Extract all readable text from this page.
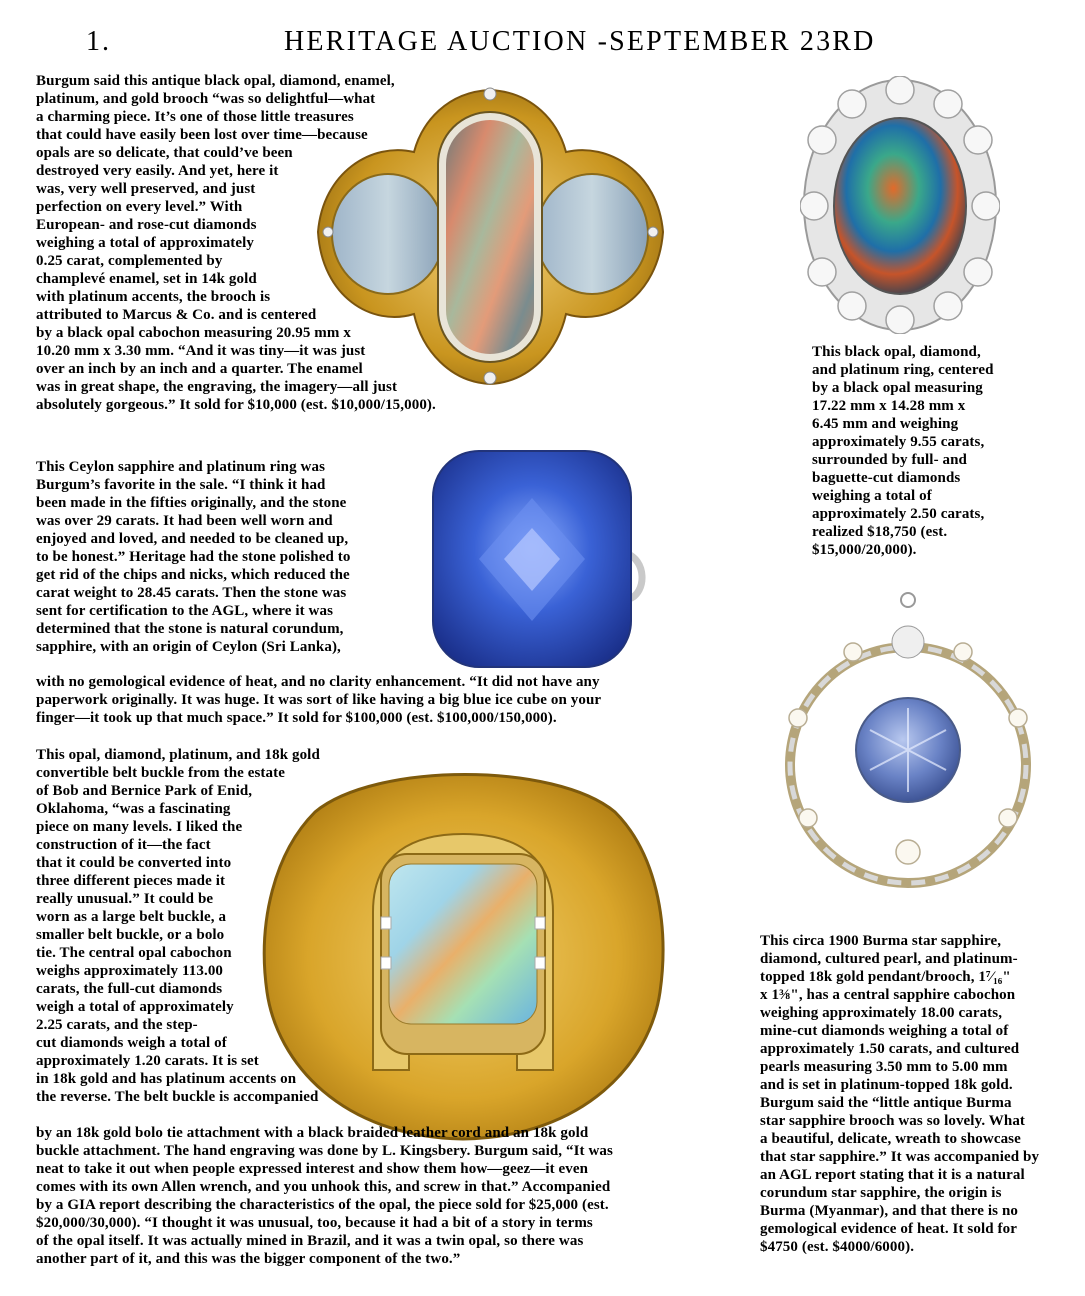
1.	HERITAGE AUCTION -SEPTEMBER 23RD
Burgum said this antique black opal, diamond, enamel,
platinum, and gold brooch “was so delightful—what
a charming piece. It’s one of those little treasures
that could have easily been lost over time—because
opals are so delicate, that could’ve been
destroyed very easily. And yet, here it
was, very well preserved, and just
perfection on every level.” With
European- and rose-cut diamonds
weighing a total of approximately
0.25 carat, complemented by
champlevé enamel, set in 14k gold
with platinum accents, the brooch is
attributed to Marcus & Co. and is centered
by a black opal cabochon measuring 20.95 mm x
10.20 mm x 3.30 mm. “And it was tiny—it was just
over an inch by an inch and a quarter. The enamel
was in great shape, the engraving, the imagery—all just
absolutely gorgeous.” It sold for $10,000 (est. $10,000/15,000).
This black opal, diamond,
and platinum ring, centered
by a black opal measuring
17.22 mm x 14.28 mm x
6.45 mm and weighing
approximately 9.55 carats,
surrounded by full- and
baguette-cut diamonds
weighing a total of
approximately 2.50 carats,
realized $18,750 (est.
$15,000/20,000).
This Ceylon sapphire and platinum ring was
Burgum’s favorite in the sale. “I think it had
been made in the fifties originally, and the stone
was over 29 carats. It had been well worn and
enjoyed and loved, and needed to be cleaned up,
to be honest.” Heritage had the stone polished to
get rid of the chips and nicks, which reduced the
carat weight to 28.45 carats. Then the stone was
sent for certification to the AGL, where it was
determined that the stone is natural corundum,
sapphire, with an origin of Ceylon (Sri Lanka),
with no gemological evidence of heat, and no clarity enhancement. “It did not have any
paperwork originally. It was huge. It was sort of like having a big blue ice cube on your
finger—it took up that much space.” It sold for $100,000 (est. $100,000/150,000).
This opal, diamond, platinum, and 18k gold
convertible belt buckle from the estate
of Bob and Bernice Park of Enid,
Oklahoma, “was a fascinating
piece on many levels. I liked the
construction of it—the fact
that it could be converted into
three different pieces made it
really unusual.” It could be
worn as a large belt buckle, a
smaller belt buckle, or a bolo
tie. The central opal cabochon
weighs approximately 113.00
carats, the full-cut diamonds
weigh a total of approximately
2.25 carats, and the step-
cut diamonds weigh a total of
approximately 1.20 carats. It is set
in 18k gold and has platinum accents on
the reverse. The belt buckle is accompanied
by an 18k gold bolo tie attachment with a black braided leather cord and an 18k gold
buckle attachment. The hand engraving was done by L. Kingsbery. Burgum said, “It was
neat to take it out when people expressed interest and show them how—geez—it even
comes with its own Allen wrench, and you unhook this, and screw in that.” Accompanied
by a GIA report describing the characteristics of the opal, the piece sold for $25,000 (est.
$20,000/30,000). “I thought it was unusual, too, because it had a bit of a story in terms
of the opal itself. It was actually mined in Brazil, and it was a twin opal, so there was
another part of it, and this was the bigger component of the two.”
This circa 1900 Burma star sapphire,
diamond, cultured pearl, and platinum-
topped 18k gold pendant/brooch, 1⁷⁄₁₆"
x 1⅜", has a central sapphire cabochon
weighing approximately 18.00 carats,
mine-cut diamonds weighing a total of
approximately 1.50 carats, and cultured
pearls measuring 3.50 mm to 5.00 mm
and is set in platinum-topped 18k gold.
Burgum said the “little antique Burma
star sapphire brooch was so lovely. What
a beautiful, delicate, wreath to showcase
that star sapphire.” It was accompanied by
an AGL report stating that it is a natural
corundum star sapphire, the origin is
Burma (Myanmar), and that there is no
gemological evidence of heat. It sold for
$4750 (est. $4000/6000).
